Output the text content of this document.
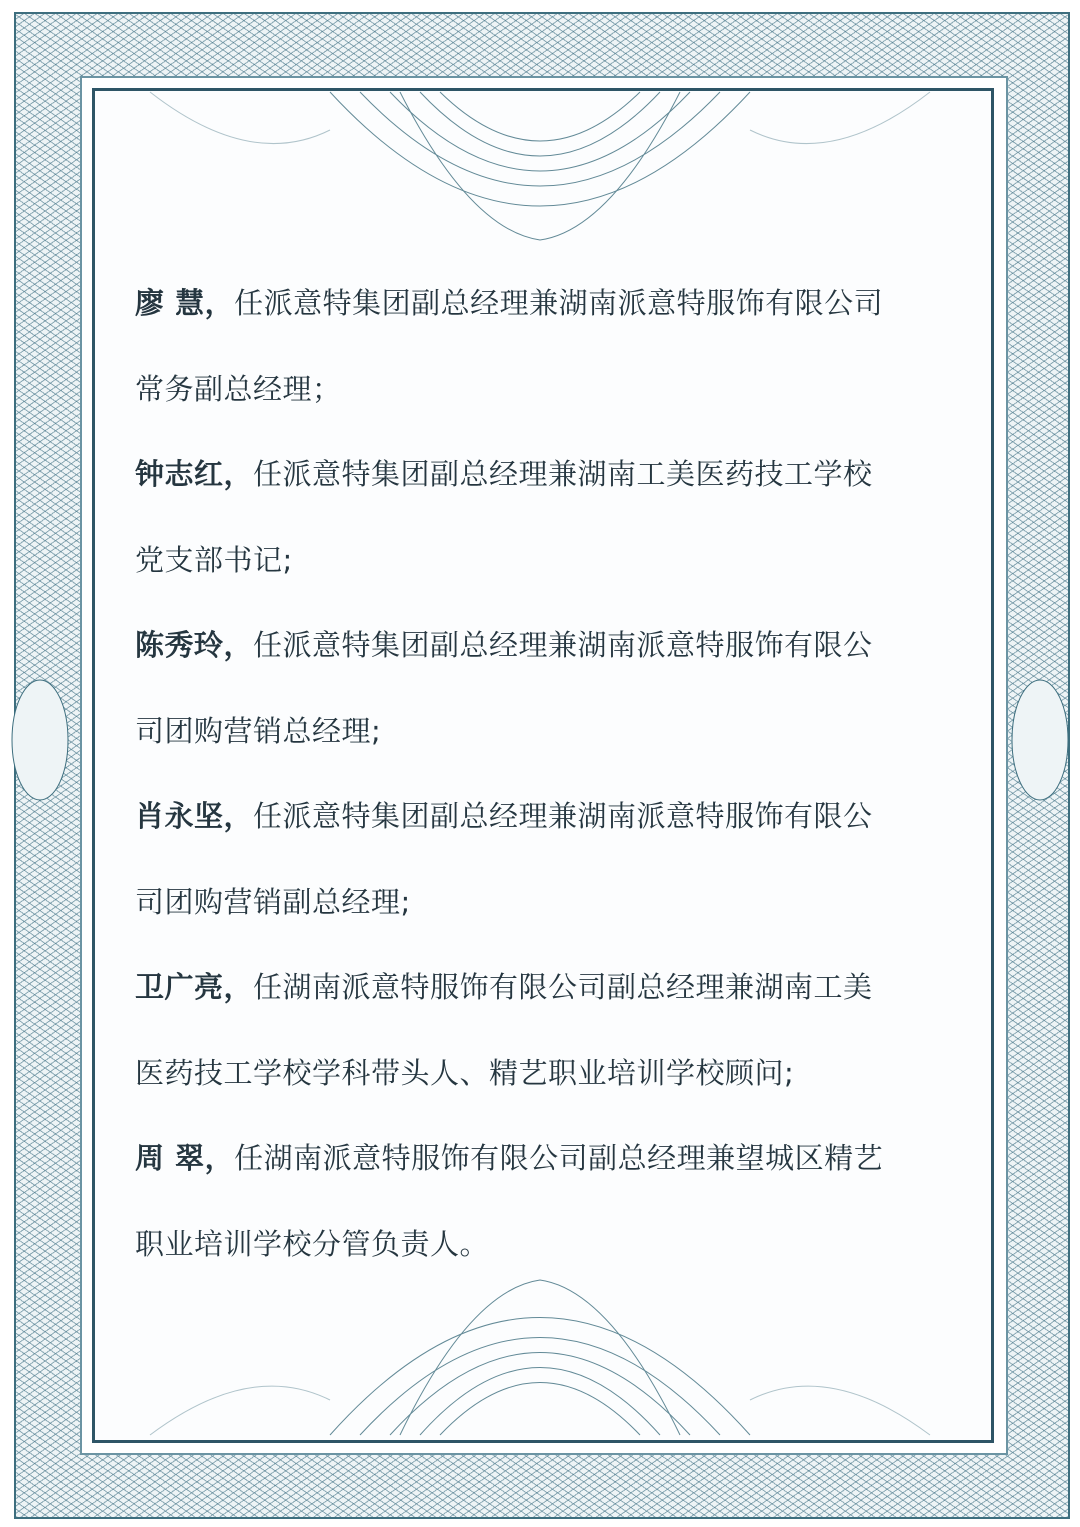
廖 慧，任派意特集团副总经理兼湖南派意特服饰有限公司
常务副总经理；
钟志红，任派意特集团副总经理兼湖南工美医药技工学校
党支部书记;
陈秀玲，任派意特集团副总经理兼湖南派意特服饰有限公
司团购营销总经理;
肖永坚，任派意特集团副总经理兼湖南派意特服饰有限公
司团购营销副总经理;
卫广亮，任湖南派意特服饰有限公司副总经理兼湖南工美
医药技工学校学科带头人、精艺职业培训学校顾问;
周 翠，任湖南派意特服饰有限公司副总经理兼望城区精艺
职业培训学校分管负责人。
